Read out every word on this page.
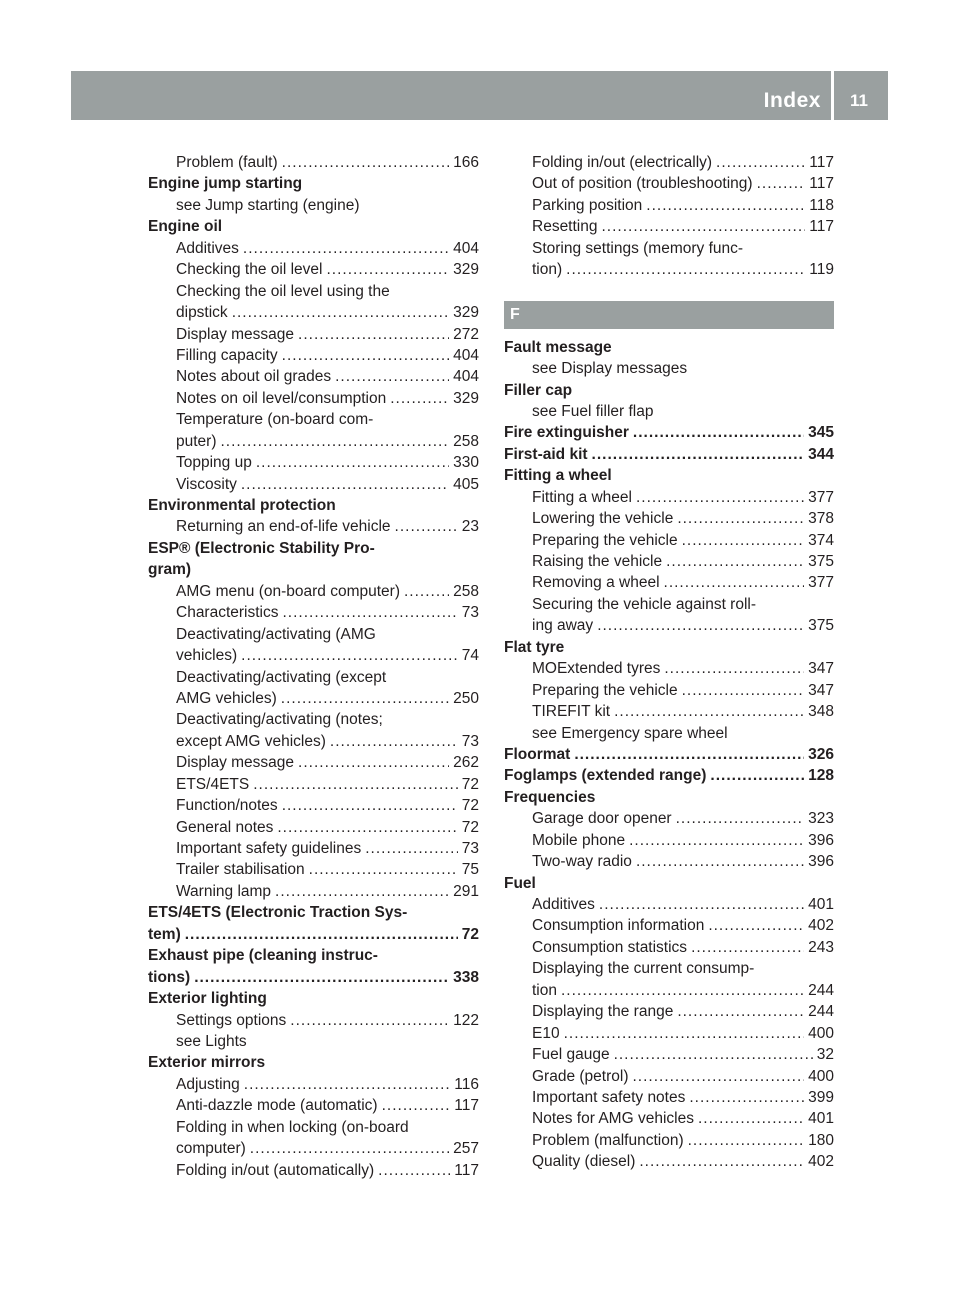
Index 11
Problem (fault) .....	166
Engine jump starting
see Jump starting (engine)
Engine oil
Additives .....	404
Checking the oil level .....	329
Checking the oil level using the
dipstick .....	329
Display message .....	272
Filling capacity .....	404
Notes about oil grades .....	404
Notes on oil level/consumption .....	329
Temperature (on-board com-
puter) .....	258
Topping up .....	330
Viscosity .....	405
Environmental protection
Returning an end-of-life vehicle .....	23
ESP® (Electronic Stability Pro-
gram)
AMG menu (on-board computer) .....	258
Characteristics .....	73
Deactivating/activating (AMG
vehicles) .....	74
Deactivating/activating (except
AMG vehicles) .....	250
Deactivating/activating (notes;
except AMG vehicles) .....	73
Display message .....	262
ETS/4ETS .....	72
Function/notes .....	72
General notes .....	72
Important safety guidelines .....	73
Trailer stabilisation .....	75
Warning lamp .....	291
ETS/4ETS (Electronic Traction Sys-
tem) .....	72
Exhaust pipe (cleaning instruc-
tions) .....	338
Exterior lighting
Settings options .....	122
see Lights
Exterior mirrors
Adjusting .....	116
Anti-dazzle mode (automatic) .....	117
Folding in when locking (on-board
computer) .....	257
Folding in/out (automatically) .....	117
Folding in/out (electrically) .....	117
Out of position (troubleshooting) .....	117
Parking position .....	118
Resetting .....	117
Storing settings (memory func-
tion) .....	119
F
Fault message
see Display messages
Filler cap
see Fuel filler flap
Fire extinguisher .....	345
First-aid kit .....	344
Fitting a wheel
Fitting a wheel .....	377
Lowering the vehicle .....	378
Preparing the vehicle .....	374
Raising the vehicle .....	375
Removing a wheel .....	377
Securing the vehicle against roll-
ing away .....	375
Flat tyre
MOExtended tyres .....	347
Preparing the vehicle .....	347
TIREFIT kit .....	348
see Emergency spare wheel
Floormat .....	326
Foglamps (extended range) .....	128
Frequencies
Garage door opener .....	323
Mobile phone .....	396
Two-way radio .....	396
Fuel
Additives .....	401
Consumption information .....	402
Consumption statistics .....	243
Displaying the current consump-
tion .....	244
Displaying the range .....	244
E10 .....	400
Fuel gauge .....	32
Grade (petrol) .....	400
Important safety notes .....	399
Notes for AMG vehicles .....	401
Problem (malfunction) .....	180
Quality (diesel) .....	402
